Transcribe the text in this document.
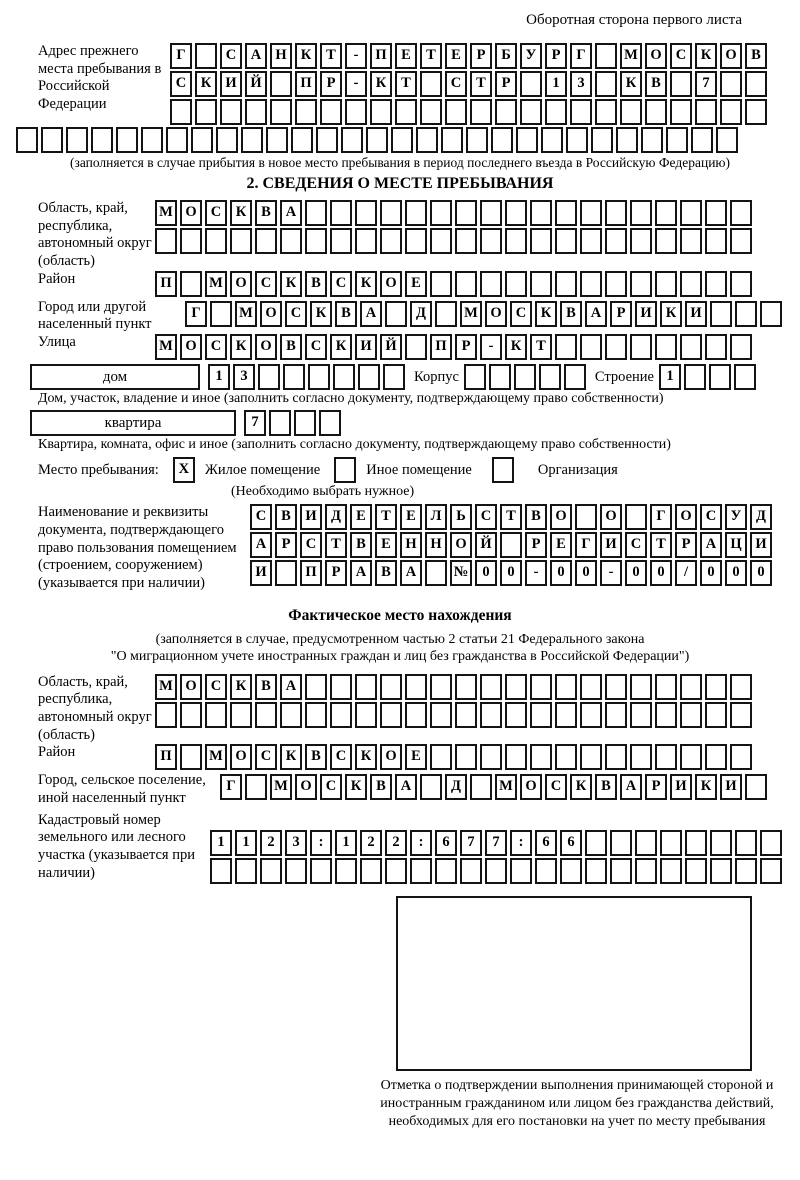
Оборотная сторона первого листа
Адрес прежнего места пребывания в Российской Федерации
Г	С	А Н К	Т	-	П	Е	Т	Е	Р	Б	У	Р	Г	М О С	К О	В
С	К И Й	П	Р	-	К	Т	С	Т	Р	1	3	К	В	7
(заполняется в случае прибытия в новое место пребывания в период последнего въезда в Российскую Федерацию)
2. СВЕДЕНИЯ О МЕСТЕ ПРЕБЫВАНИЯ
Область, край, республика, автономный округ (область)
М О С	К	В	А
Район	П	М О С	К	В	С	К О	Е
Город или другой населенный пункт
Г	М О С	К	В	А	Д	М О С	К	В	А	Р	И К И
Улица	М О С	К О	В	С	К И Й	П	Р	-	К	Т
дом	1	3	Корпус	Строение 1
Дом, участок, владение и иное (заполнить согласно документу, подтверждающему право собственности)
квартира	7
Квартира, комната, офис и иное (заполнить согласно документу, подтверждающему право собственности)
Место пребывания:	X	Жилое помещение	Иное помещение	Организация
(Необходимо выбрать нужное)
Наименование и реквизиты документа, подтверждающего право пользования помещением (строением, сооружением) (указывается при наличии)
С	В	И Д	Е	Т	Е	Л	Ь	С	Т	В	О	О	Г	О С У	Д
А	Р	С	Т	В	Е	Н Н О Й	Р	Е	Г	И С	Т	Р	А Ц И
И	П	Р	А	В	А	№ 0	0	-	0	0	-	0	0	/	0	0	0
Фактическое место нахождения
(заполняется в случае, предусмотренном частью 2 статьи 21 Федерального закона
"О миграционном учете иностранных граждан и лиц без гражданства в Российской Федерации")
Область, край, республика, автономный округ (область)
М О С	К	В	А
Район	П	М О С	К	В	С	К О	Е
Город, сельское поселение, иной населенный пункт
Г	М О С	К	В	А	Д	М О С	К	В	А	Р	И К И
Кадастровый номер земельного или лесного участка (указывается при наличии)
1	1	2	3	:	1	2	2	:	6	7	7	:	6	6
Отметка о подтверждении выполнения принимающей стороной и иностранным гражданином или лицом без гражданства действий, необходимых для его постановки на учет по месту пребывания
